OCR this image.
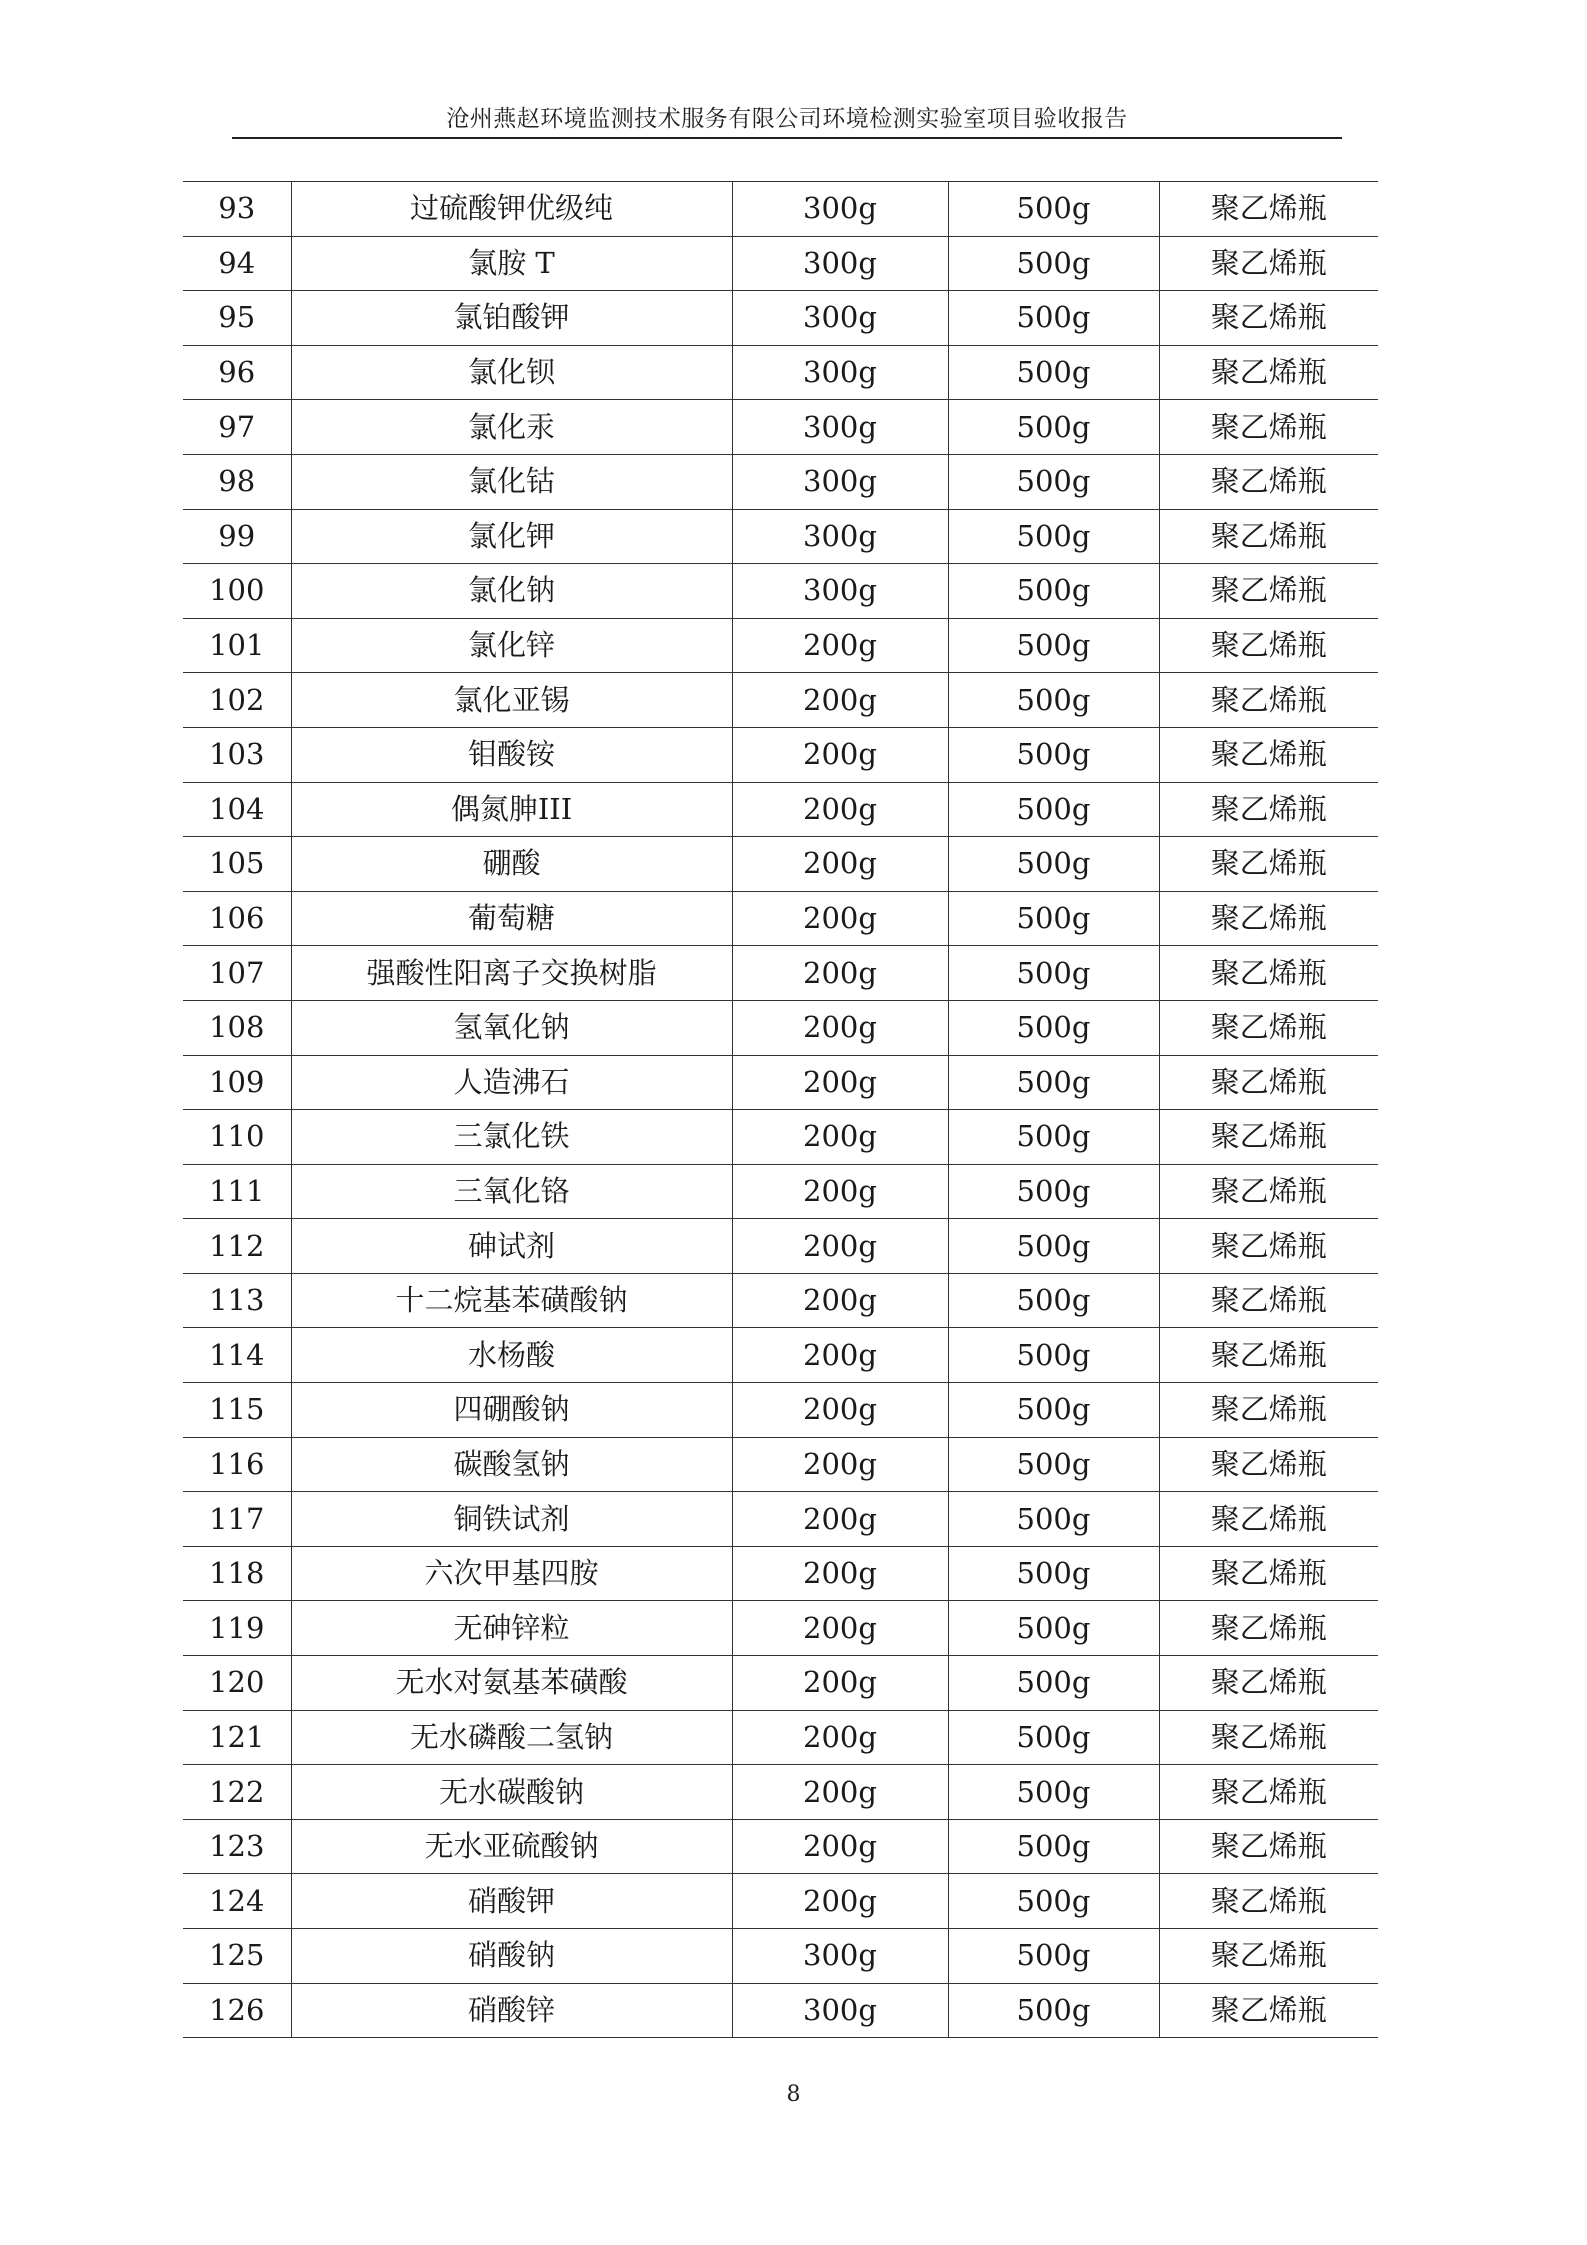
沧州燕赵环境监测技术服务有限公司环境检测实验室项目验收报告
93	过硫酸钾优级纯	300g	500g	聚乙烯瓶
94	氯胺 T	300g	500g	聚乙烯瓶
95	氯铂酸钾	300g	500g	聚乙烯瓶
96	氯化钡	300g	500g	聚乙烯瓶
97	氯化汞	300g	500g	聚乙烯瓶
98	氯化钴	300g	500g	聚乙烯瓶
99	氯化钾	300g	500g	聚乙烯瓶
100	氯化钠	300g	500g	聚乙烯瓶
101	氯化锌	200g	500g	聚乙烯瓶
102	氯化亚锡	200g	500g	聚乙烯瓶
103	钼酸铵	200g	500g	聚乙烯瓶
104	偶氮胂III	200g	500g	聚乙烯瓶
105	硼酸	200g	500g	聚乙烯瓶
106	葡萄糖	200g	500g	聚乙烯瓶
107	强酸性阳离子交换树脂	200g	500g	聚乙烯瓶
108	氢氧化钠	200g	500g	聚乙烯瓶
109	人造沸石	200g	500g	聚乙烯瓶
110	三氯化铁	200g	500g	聚乙烯瓶
111	三氧化铬	200g	500g	聚乙烯瓶
112	砷试剂	200g	500g	聚乙烯瓶
113	十二烷基苯磺酸钠	200g	500g	聚乙烯瓶
114	水杨酸	200g	500g	聚乙烯瓶
115	四硼酸钠	200g	500g	聚乙烯瓶
116	碳酸氢钠	200g	500g	聚乙烯瓶
117	铜铁试剂	200g	500g	聚乙烯瓶
118	六次甲基四胺	200g	500g	聚乙烯瓶
119	无砷锌粒	200g	500g	聚乙烯瓶
120	无水对氨基苯磺酸	200g	500g	聚乙烯瓶
121	无水磷酸二氢钠	200g	500g	聚乙烯瓶
122	无水碳酸钠	200g	500g	聚乙烯瓶
123	无水亚硫酸钠	200g	500g	聚乙烯瓶
124	硝酸钾	200g	500g	聚乙烯瓶
125	硝酸钠	300g	500g	聚乙烯瓶
126	硝酸锌	300g	500g	聚乙烯瓶
8
